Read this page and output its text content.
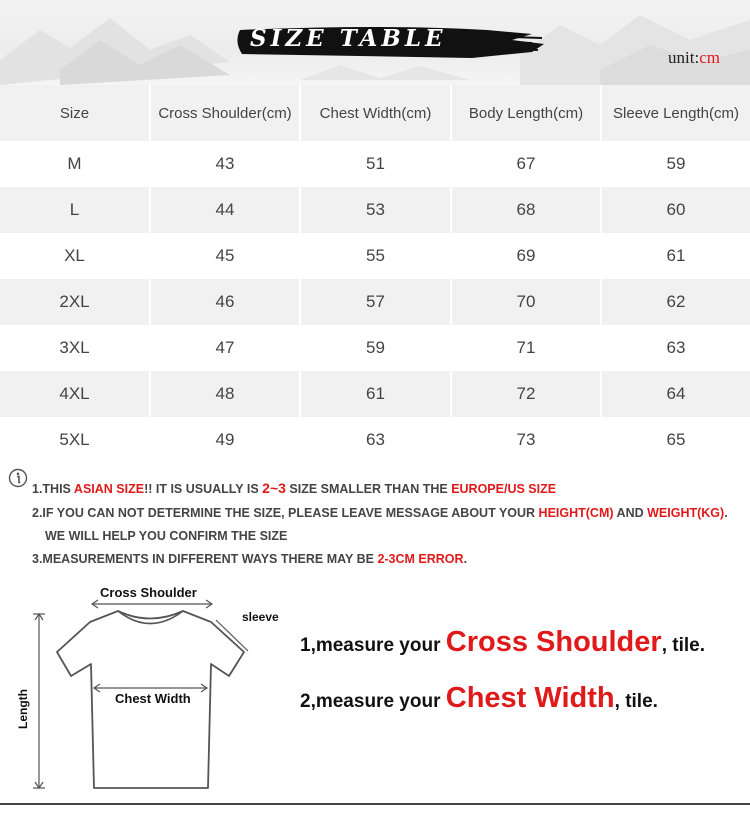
SIZE TABLE
unit:cm
Size	Cross Shoulder(cm)	Chest Width(cm)	Body Length(cm)	Sleeve Length(cm)
M	43	51	67	59
L	44	53	68	60
XL	45	55	69	61
2XL	46	57	70	62
3XL	47	59	71	63
4XL	48	61	72	64
5XL	49	63	73	65
1.THIS ASIAN SIZE!! IT IS USUALLY IS 2~3 SIZE SMALLER THAN THE EUROPE/US SIZE
2.IF YOU CAN NOT DETERMINE THE SIZE, PLEASE LEAVE MESSAGE ABOUT YOUR HEIGHT(CM) AND WEIGHT(KG).
WE WILL HELP YOU CONFIRM THE SIZE
3.MEASUREMENTS IN DIFFERENT WAYS THERE MAY BE 2-3CM ERROR.
Cross Shoulder
sleeve
Chest Width
Length
1,measure your Cross Shoulder, tile.
2,measure your Chest Width, tile.
